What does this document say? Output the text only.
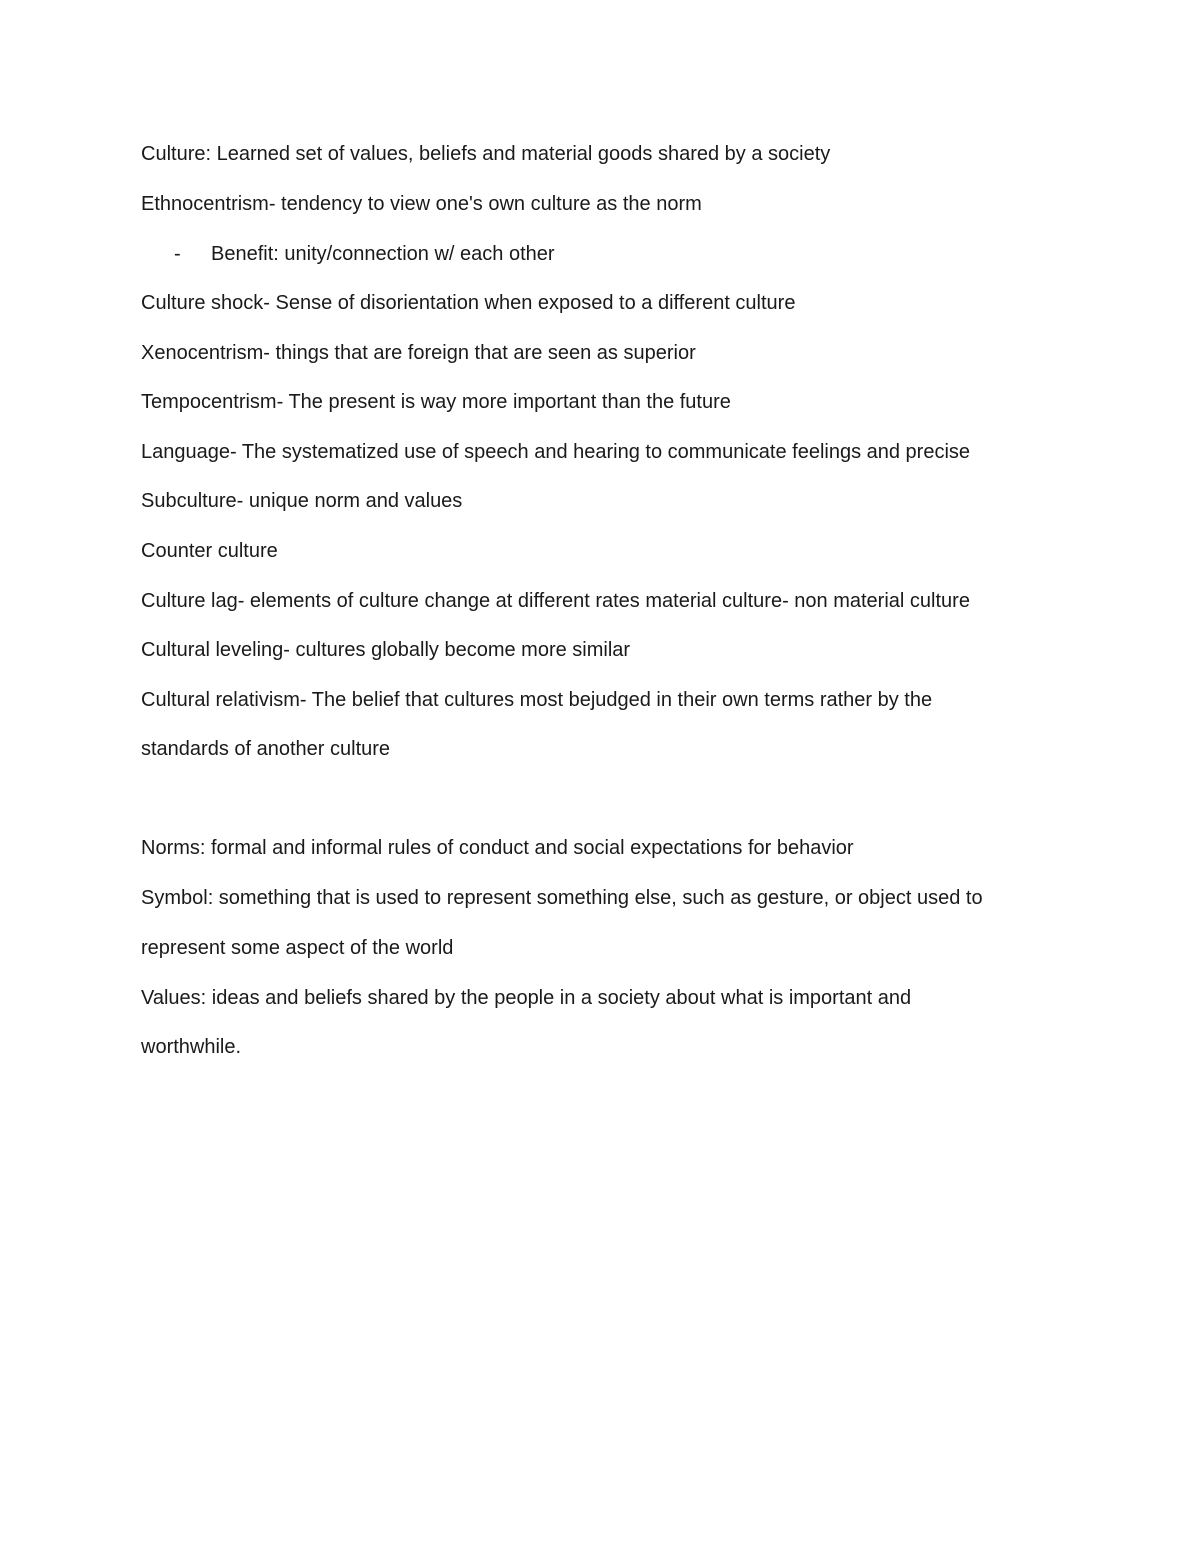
Culture: Learned set of values, beliefs and material goods shared by a society
Ethnocentrism- tendency to view one's own culture as the norm
- Benefit: unity/connection w/ each other
Culture shock- Sense of disorientation when exposed to a different culture
Xenocentrism- things that are foreign that are seen as superior
Tempocentrism- The present is way more important than the future
Language- The systematized use of speech and hearing to communicate feelings and precise
Subculture- unique norm and values
Counter culture
Culture lag- elements of culture change at different rates material culture- non material culture
Cultural leveling- cultures globally become more similar
Cultural relativism- The belief that cultures most bejudged in their own terms rather by the
standards of another culture
Norms: formal and informal rules of conduct and social expectations for behavior
Symbol: something that is used to represent something else, such as gesture, or object used to
represent some aspect of the world
Values: ideas and beliefs shared by the people in a society about what is important and
worthwhile.
